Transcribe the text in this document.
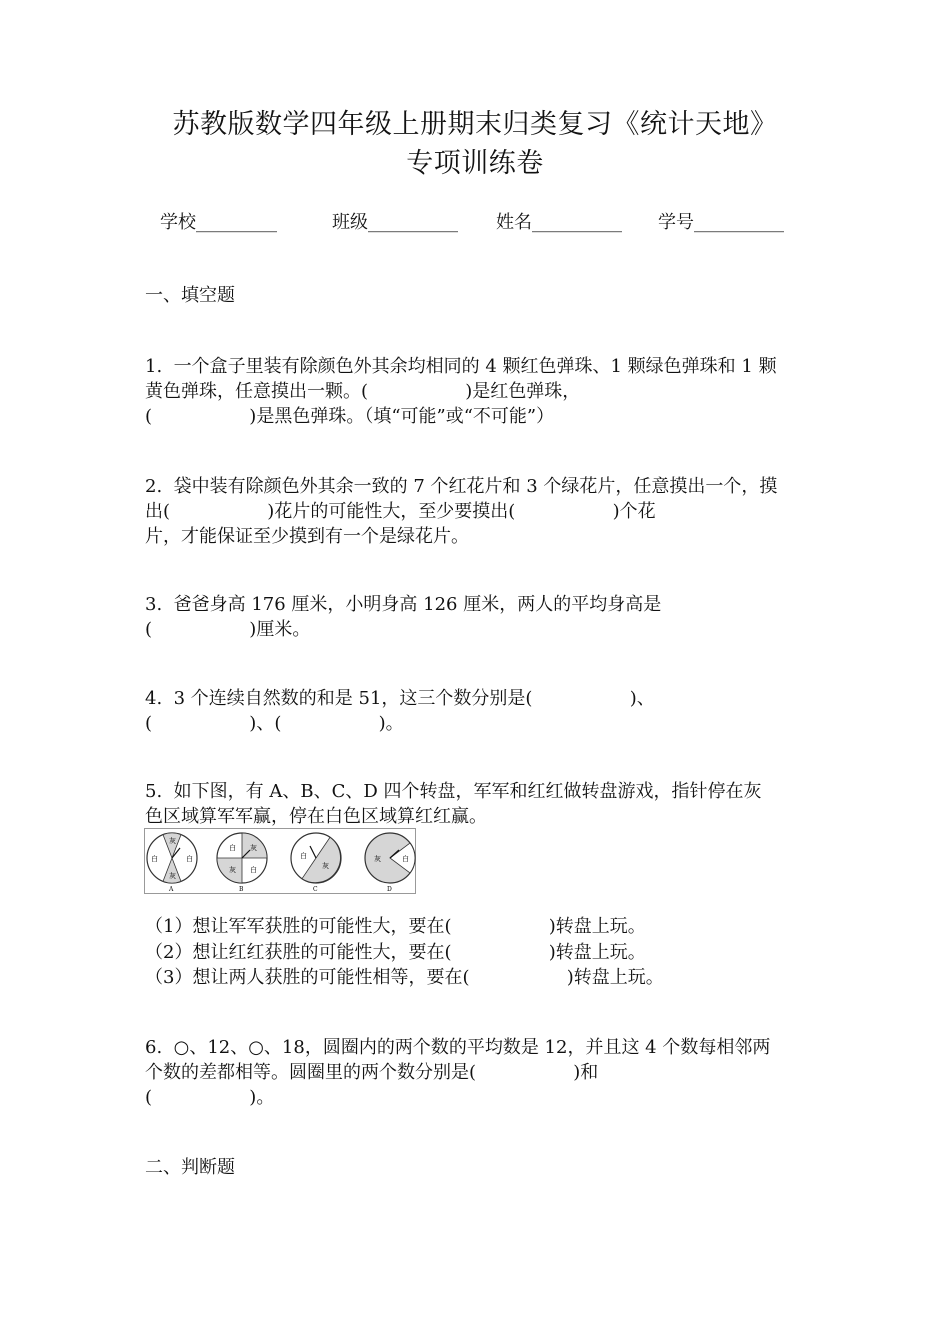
苏教版数学四年级上册期末归类复习《统计天地》
专项训练卷
学校_________	班级__________ 姓名__________ 学号__________
一、填空题
1.  一个盒子里装有除颜色外其余均相同的 4 颗红色弹珠、1 颗绿色弹珠和 1 颗
黄色弹珠，任意摸出一颗。(                 )是红色弹珠，
(                 )是黑色弹珠。（填“可能”或“不可能”）
2.  袋中装有除颜色外其余一致的 7 个红花片和 3 个绿花片，任意摸出一个，摸
出(                 )花片的可能性大，至少要摸出(                 )个花
片，才能保证至少摸到有一个是绿花片。
3.  爸爸身高 176 厘米，小明身高 126 厘米，两人的平均身高是
(                 )厘米。
4.  3 个连续自然数的和是 51，这三个数分别是(                 )、
(                 )、(                 )。
5.  如下图，有 A、B、C、D 四个转盘，军军和红红做转盘游戏，指针停在灰
色区域算军军赢，停在白色区域算红红赢。
灰
白	白
灰
A
白 灰
灰 白
B
白
灰
C
灰	白
D
（1）想让军军获胜的可能性大，要在(                 )转盘上玩。
（2）想让红红获胜的可能性大，要在(                 )转盘上玩。
（3）想让两人获胜的可能性相等，要在(                 )转盘上玩。
6.  ○、12、○、18，圆圈内的两个数的平均数是 12，并且这 4 个数每相邻两
个数的差都相等。圆圈里的两个数分别是(                 )和
(                 )。
二、判断题
